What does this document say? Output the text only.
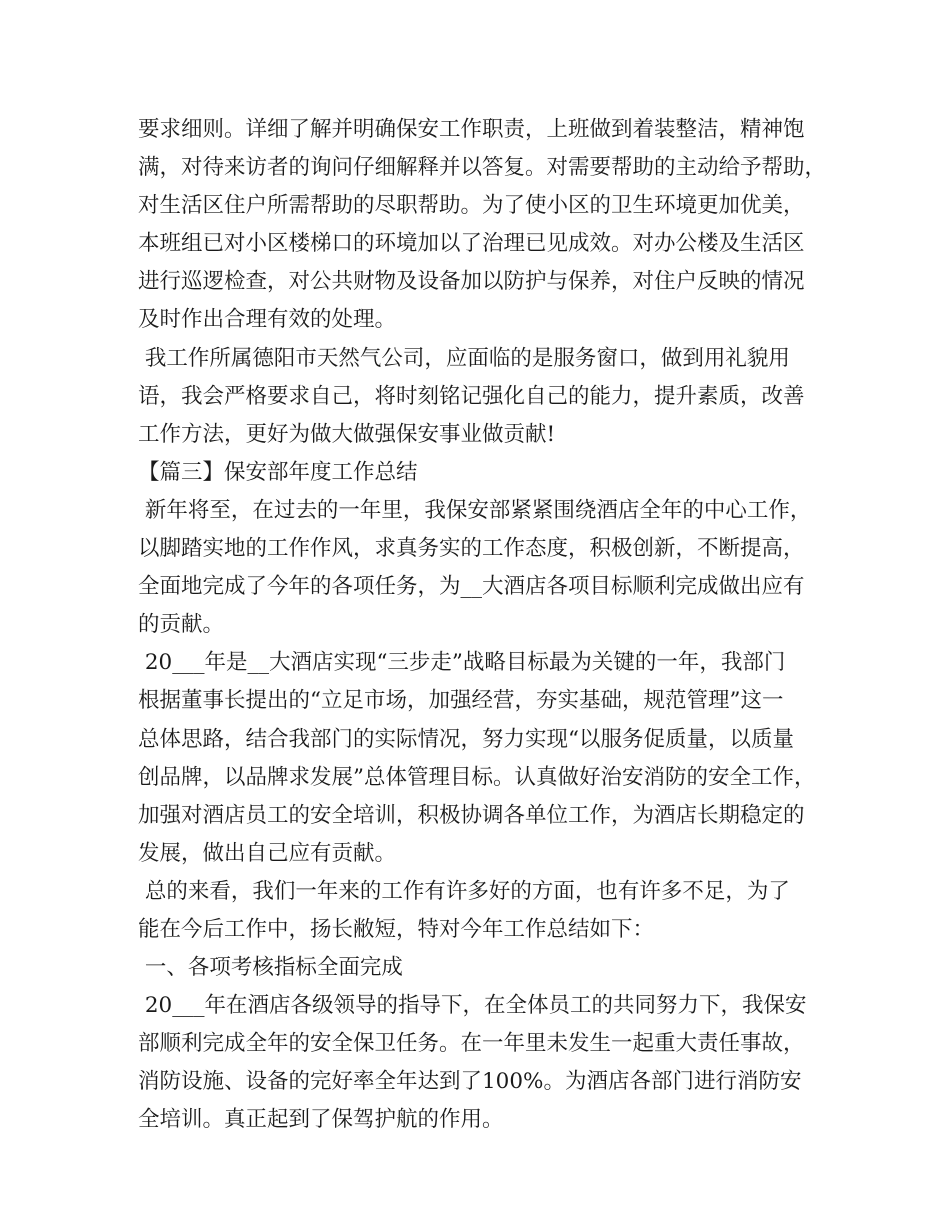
要求细则。详细了解并明确保安工作职责，上班做到着装整洁，精神饱
满，对待来访者的询问仔细解释并以答复。对需要帮助的主动给予帮助，
对生活区住户所需帮助的尽职帮助。为了使小区的卫生环境更加优美，
本班组已对小区楼梯口的环境加以了治理已见成效。对办公楼及生活区
进行巡逻检查，对公共财物及设备加以防护与保养，对住户反映的情况
及时作出合理有效的处理。
我工作所属德阳市天然气公司，应面临的是服务窗口，做到用礼貌用
语，我会严格要求自己，将时刻铭记强化自己的能力，提升素质，改善
工作方法，更好为做大做强保安事业做贡献!
【篇三】保安部年度工作总结
新年将至，在过去的一年里，我保安部紧紧围绕酒店全年的中心工作，
以脚踏实地的工作作风，求真务实的工作态度，积极创新，不断提高，
全面地完成了今年的各项任务，为__大酒店各项目标顺利完成做出应有
的贡献。
20___年是__大酒店实现“三步走”战略目标最为关键的一年，我部门
根据董事长提出的“立足市场，加强经营，夯实基础，规范管理”这一
总体思路，结合我部门的实际情况，努力实现“以服务促质量，以质量
创品牌，以品牌求发展”总体管理目标。认真做好治安消防的安全工作，
加强对酒店员工的安全培训，积极协调各单位工作，为酒店长期稳定的
发展，做出自己应有贡献。
总的来看，我们一年来的工作有许多好的方面，也有许多不足，为了
能在今后工作中，扬长敝短，特对今年工作总结如下：
一、各项考核指标全面完成
20___年在酒店各级领导的指导下，在全体员工的共同努力下，我保安
部顺利完成全年的安全保卫任务。在一年里未发生一起重大责任事故，
消防设施、设备的完好率全年达到了100%。为酒店各部门进行消防安
全培训。真正起到了保驾护航的作用。
